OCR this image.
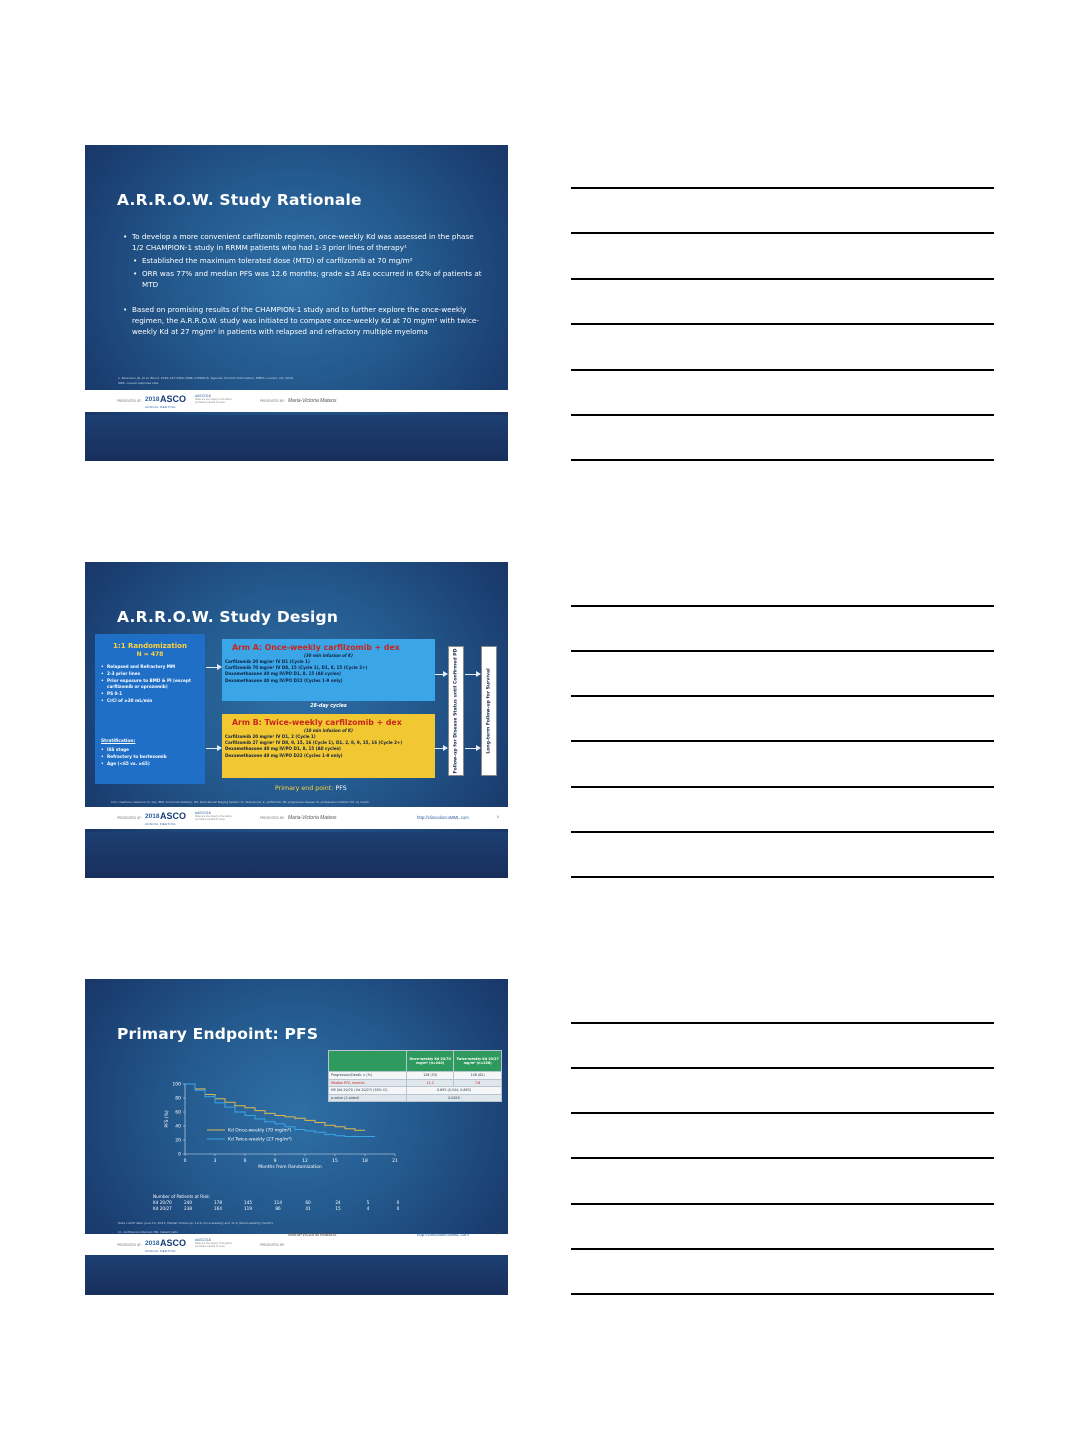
A.R.R.O.W. Study Rationale
• To develop a more convenient carfilzomib regimen, once-weekly Kd was assessed in the phase 1/2 CHAMPION-1 study in RRMM patients who had 1-3 prior lines of therapy¹
• Established the maximum tolerated dose (MTD) of carfilzomib at 70 mg/m²
• ORR was 77% and median PFS was 12.6 months; grade ≥3 AEs occurred in 62% of patients at MTD
• Based on promising results of the CHAMPION-1 study and to further explore the once-weekly regimen, the A.R.R.O.W. study was initiated to compare once-weekly Kd at 70 mg/m² with twice-weekly Kd at 27 mg/m² in patients with relapsed and refractory multiple myeloma
1. Berenson JR, et al. Blood. 2016;127:3360-3368; KYPROLIS. Kyprolis: Product Information. EMEA: London, UK; 2016.
ORR, overall response rate.
PRESENTED AT: 2018 ASCO
ANNUAL MEETING
#ASCO18
Slides are the property of the author, permission required for reuse.	PRESENTED BY: Maria-Victoria Mateos
A.R.R.O.W. Study Design
1:1 Randomization
N = 478
• Relapsed and Refractory MM
• 2-3 prior lines
• Prior exposure to BMD & PI (except carfilzomib or oprozomib)
• PS 0-1
• CrCl of ≥30 mL/min
Stratification:
• ISS stage
• Refractory to bortezomib
• Age (<65 vs. ≥65)
Arm A: Once-weekly carfilzomib + dex
(30 min infusion of K)
Carfilzomib 20 mg/m² IV D1 (Cycle 1)
Carfilzomib 70 mg/m² IV D8, 15 (Cycle 1), D1, 8, 15 (Cycle 2+)
Dexamethasone 40 mg IV/PO D1, 8, 15 (All cycles)
Dexamethasone 40 mg IV/PO D22 (Cycles 1-9 only)
28-day cycles
Arm B: Twice-weekly carfilzomib + dex
(10 min infusion of K)
Carfilzomib 20 mg/m² IV D1, 2 (Cycle 1)
Carfilzomib 27 mg/m² IV D8, 9, 15, 16 (Cycle 1), D1, 2, 8, 9, 15, 16 (Cycle 2+)
Dexamethasone 40 mg IV/PO D1, 8, 15 (All cycles)
Dexamethasone 40 mg IV/PO D22 (Cycles 1-9 only)	Follow-up for Disease Status until Confirmed PD	Long-term Follow-up for Survival
Primary end point: PFS
CrCl, creatinine clearance; D, day; IMiD, immunomodulatory; ISS, International Staging System; IV, intravenous; K, carfilzomib; PD, progressive disease; PI, proteasome inhibitor; PO, by mouth
PRESENTED AT: 2018 ASCO
ANNUAL MEETING
#ASCO18
Slides are the property of the author, permission required for reuse.	PRESENTED BY: Maria-Victoria Mateos	http://clinicaloncoMML.com	6
Primary Endpoint: PFS
	Once-weekly Kd 20/70 mg/m² (n=240)	Twice-weekly Kd 20/27 mg/m² (n=238)
Progression/Death, n (%)	126 (53)	148 (62)
Median PFS, months	11.2	7.6
HR (Kd 20/70 / Kd 20/27) (95% CI)	0.693 (0.544, 0.883)	
p-value (2-sided)	0.0029	
0
20
40
60
80
100
0	3	6	9	12	15	18	21
Months from Randomization
PFS (%)
Kd Once-weekly (70 mg/m²)
Kd Twice-weekly (27 mg/m²)
Number of Patients at Risk:
Kd 20/70	240	178	145	114	60	24	5	0
Kd 20/27	238	164	119	86	41	15	4	0
Data cutoff date: June 15, 2017; Median follow-up: 12.6 (once-weekly) and 11.0 (twice-weekly) months
CI, confidence interval; HR, hazard ratio
PRESENTED AT: 2018 ASCO
ANNUAL MEETING
#ASCO18
Slides are the property of the author, permission required for reuse.	PRESENTED BY:
Maria-Victoria Mateos	http://clinicaloncoMML.com	7
